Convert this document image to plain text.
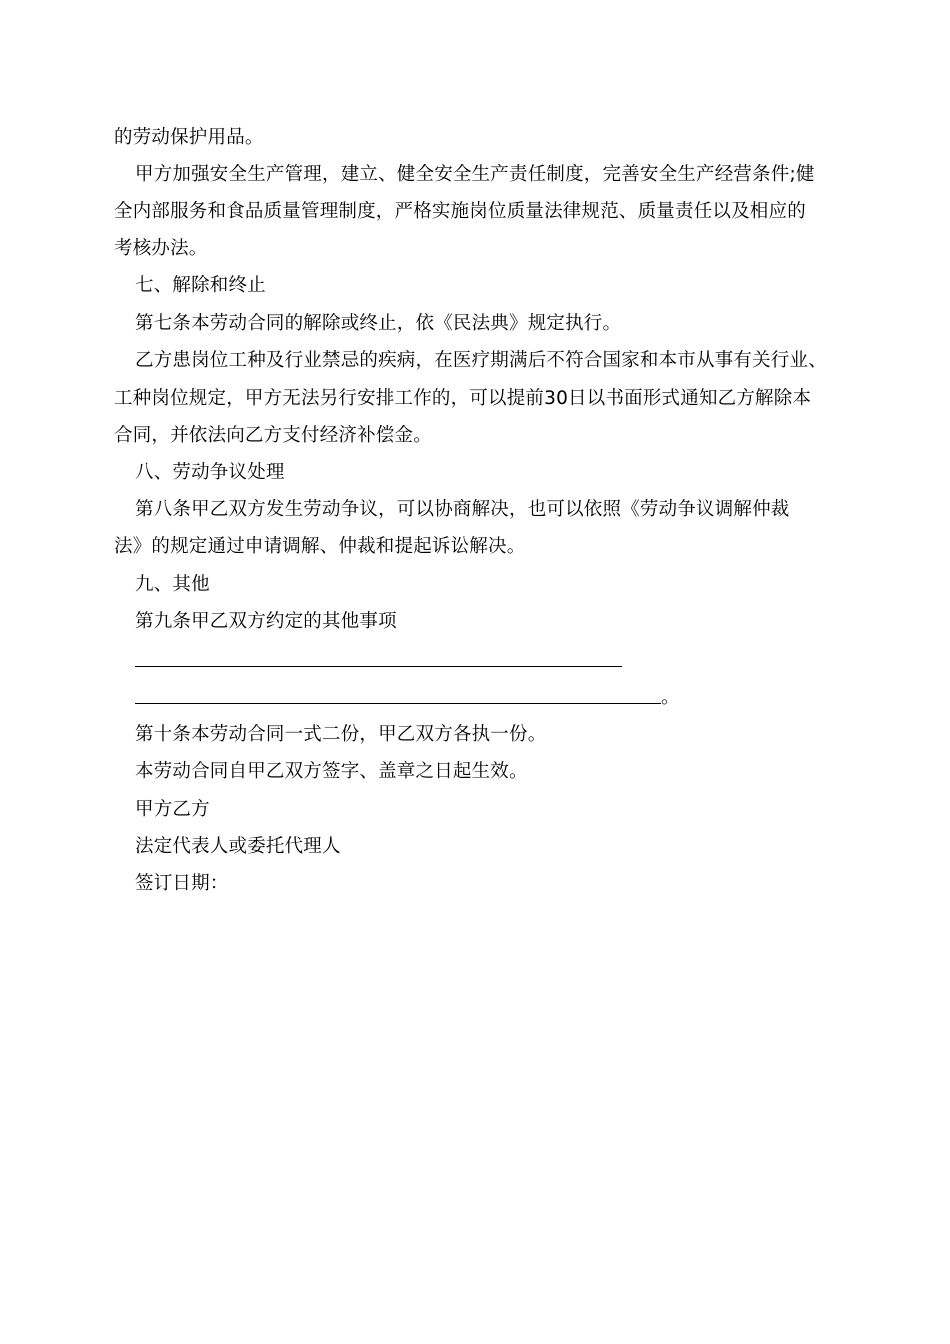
的劳动保护用品。
甲方加强安全生产管理，建立、健全安全生产责任制度，完善安全生产经营条件;健
全内部服务和食品质量管理制度，严格实施岗位质量法律规范、质量责任以及相应的
考核办法。
七、解除和终止
第七条本劳动合同的解除或终止，依《民法典》规定执行。
乙方患岗位工种及行业禁忌的疾病，在医疗期满后不符合国家和本市从事有关行业、
工种岗位规定，甲方无法另行安排工作的，可以提前30日以书面形式通知乙方解除本
合同，并依法向乙方支付经济补偿金。
八、劳动争议处理
第八条甲乙双方发生劳动争议，可以协商解决，也可以依照《劳动争议调解仲裁
法》的规定通过申请调解、仲裁和提起诉讼解决。
九、其他
第九条甲乙双方约定的其他事项
。
第十条本劳动合同一式二份，甲乙双方各执一份。
本劳动合同自甲乙双方签字、盖章之日起生效。
甲方乙方
法定代表人或委托代理人
签订日期：
